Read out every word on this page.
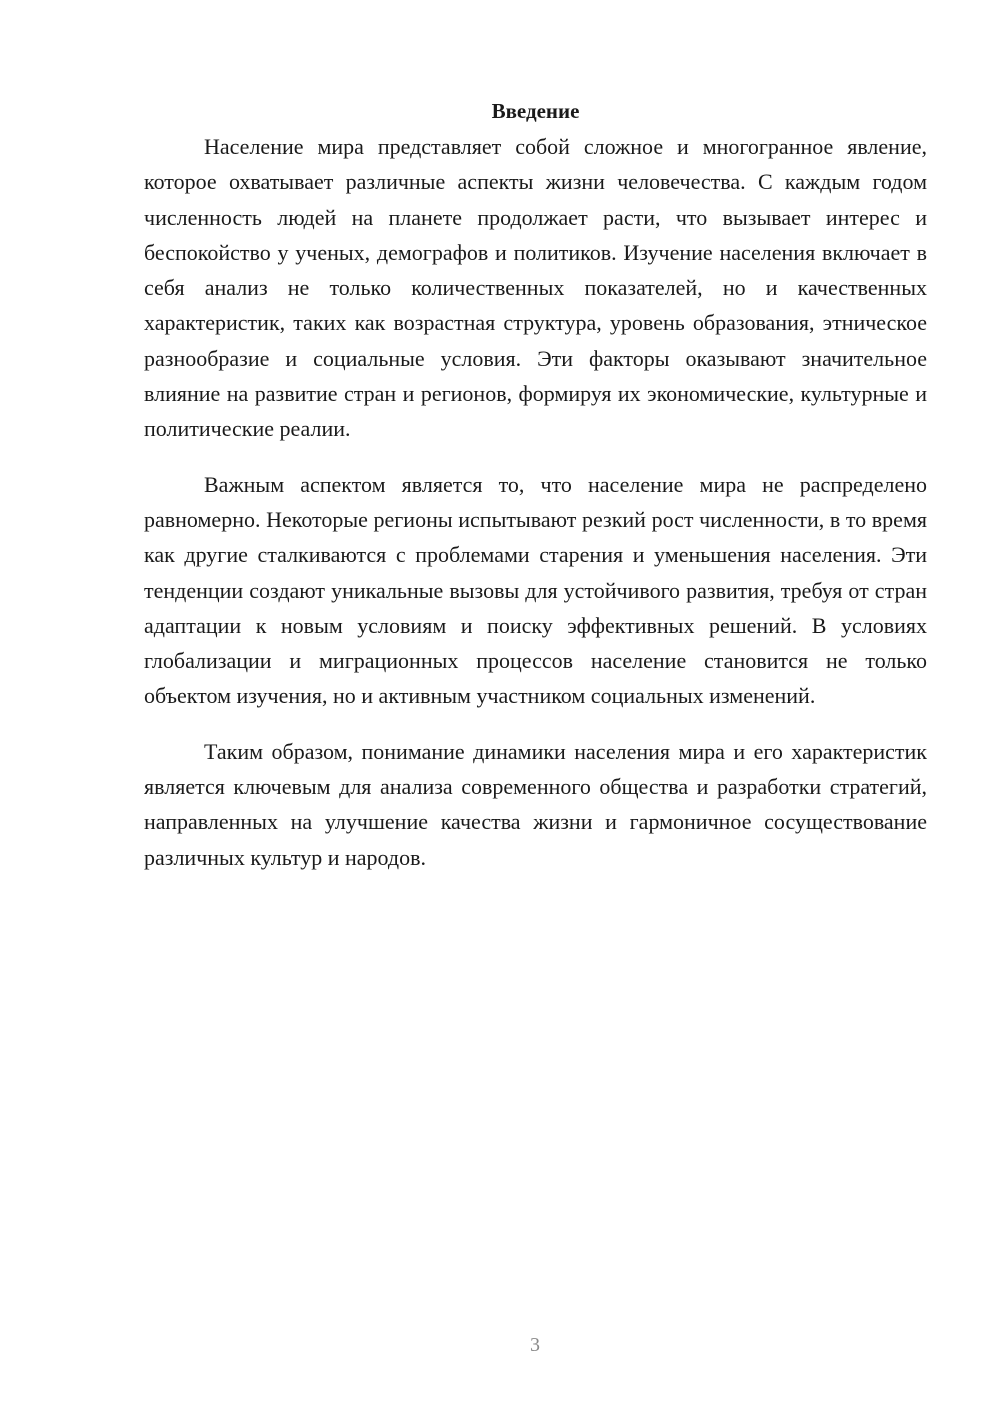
Введение

Население мира представляет собой сложное и многогранное явление, которое охватывает различные аспекты жизни человечества. С каждым годом численность людей на планете продолжает расти, что вызывает интерес и беспокойство у ученых, демографов и политиков. Изучение населения включает в себя анализ не только количественных показателей, но и качественных характеристик, таких как возрастная структура, уровень образования, этническое разнообразие и социальные условия. Эти факторы оказывают значительное влияние на развитие стран и регионов, формируя их экономические, культурные и политические реалии.

Важным аспектом является то, что население мира не распределено равномерно. Некоторые регионы испытывают резкий рост численности, в то время как другие сталкиваются с проблемами старения и уменьшения населения. Эти тенденции создают уникальные вызовы для устойчивого развития, требуя от стран адаптации к новым условиям и поиску эффективных решений. В условиях глобализации и миграционных процессов население становится не только объектом изучения, но и активным участником социальных изменений.

Таким образом, понимание динамики населения мира и его характеристик является ключевым для анализа современного общества и разработки стратегий, направленных на улучшение качества жизни и гармоничное сосуществование различных культур и народов.

3
